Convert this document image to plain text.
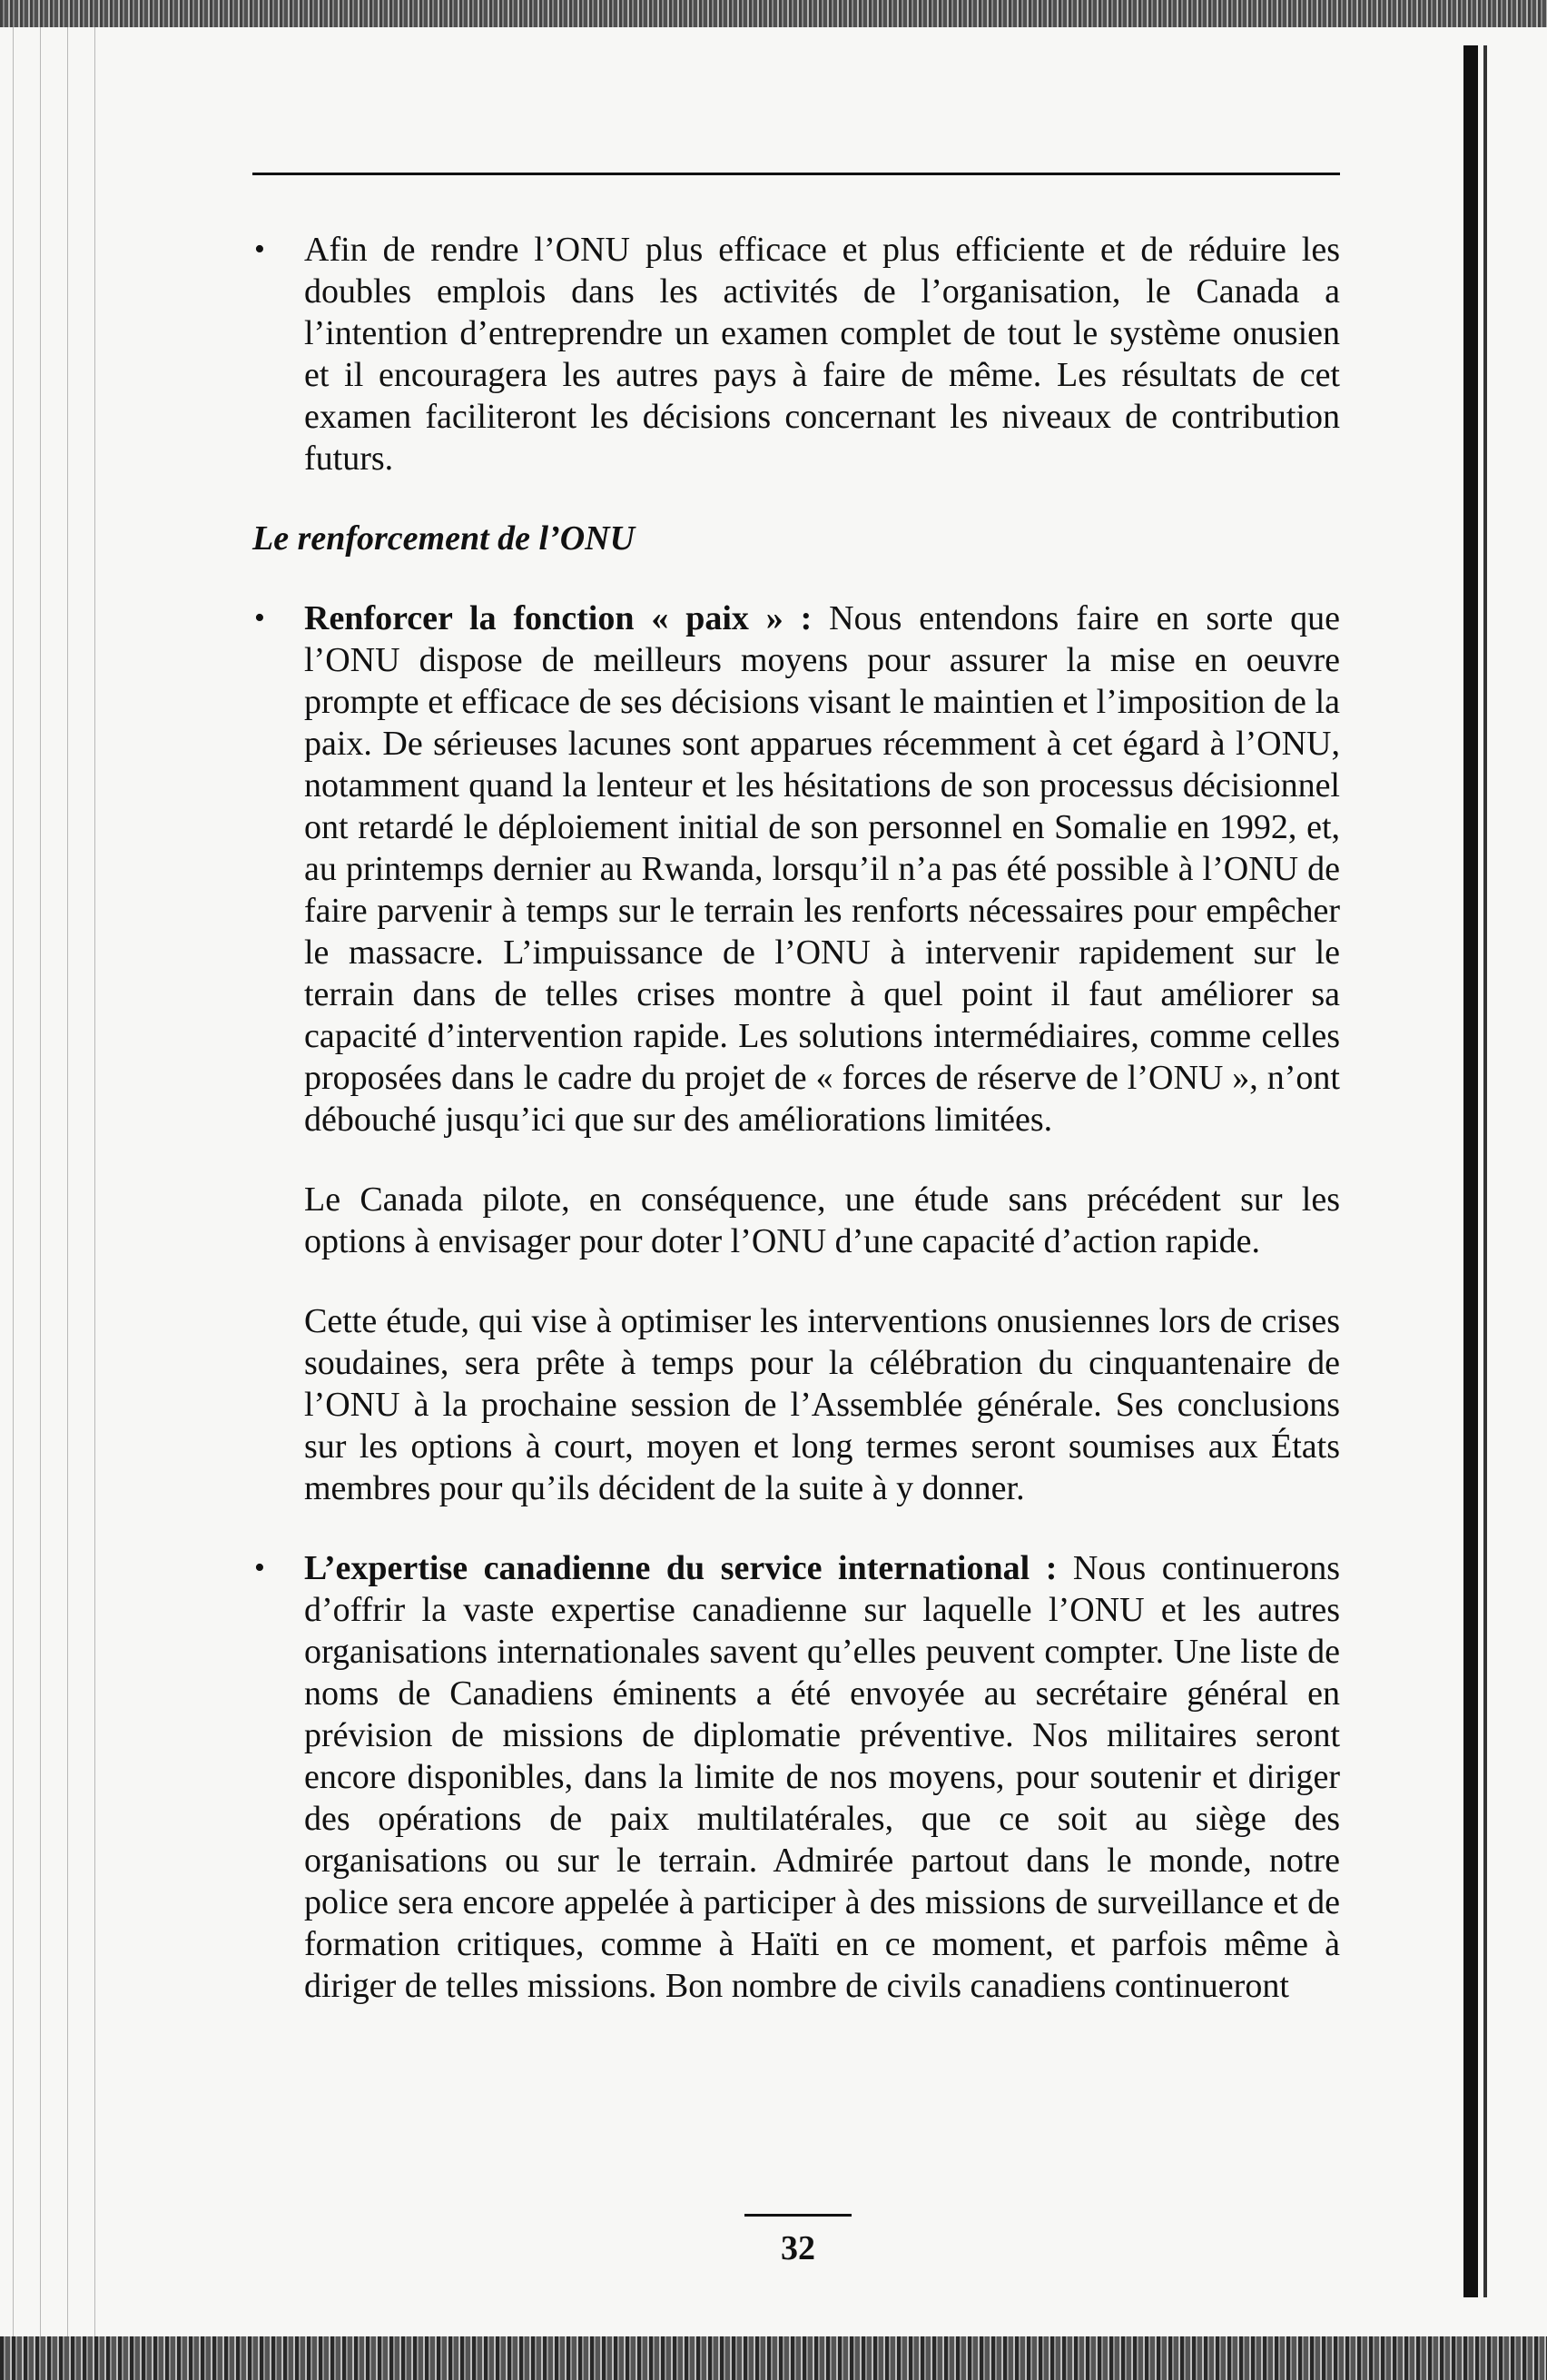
• Afin de rendre l’ONU plus efficace et plus efficiente et de réduire les doubles emplois dans les activités de l’organisation, le Canada a l’intention d’entreprendre un examen complet de tout le système onusien et il encouragera les autres pays à faire de même. Les résultats de cet examen faciliteront les décisions concernant les niveaux de contribution futurs.

Le renforcement de l’ONU

• Renforcer la fonction « paix » : Nous entendons faire en sorte que l’ONU dispose de meilleurs moyens pour assurer la mise en oeuvre prompte et efficace de ses décisions visant le maintien et l’imposition de la paix. De sérieuses lacunes sont apparues récemment à cet égard à l’ONU, notamment quand la lenteur et les hésitations de son processus décisionnel ont retardé le déploiement initial de son personnel en Somalie en 1992, et, au printemps dernier au Rwanda, lorsqu’il n’a pas été possible à l’ONU de faire parvenir à temps sur le terrain les renforts nécessaires pour empêcher le massacre. L’impuissance de l’ONU à intervenir rapidement sur le terrain dans de telles crises montre à quel point il faut améliorer sa capacité d’intervention rapide. Les solutions intermédiaires, comme celles proposées dans le cadre du projet de « forces de réserve de l’ONU », n’ont débouché jusqu’ici que sur des améliorations limitées.

Le Canada pilote, en conséquence, une étude sans précédent sur les options à envisager pour doter l’ONU d’une capacité d’action rapide.

Cette étude, qui vise à optimiser les interventions onusiennes lors de crises soudaines, sera prête à temps pour la célébration du cinquantenaire de l’ONU à la prochaine session de l’Assemblée générale. Ses conclusions sur les options à court, moyen et long termes seront soumises aux États membres pour qu’ils décident de la suite à y donner.

• L’expertise canadienne du service international : Nous continuerons d’offrir la vaste expertise canadienne sur laquelle l’ONU et les autres organisations internationales savent qu’elles peuvent compter. Une liste de noms de Canadiens éminents a été envoyée au secrétaire général en prévision de missions de diplomatie préventive. Nos militaires seront encore disponibles, dans la limite de nos moyens, pour soutenir et diriger des opérations de paix multilatérales, que ce soit au siège des organisations ou sur le terrain. Admirée partout dans le monde, notre police sera encore appelée à participer à des missions de surveillance et de formation critiques, comme à Haïti en ce moment, et parfois même à diriger de telles missions. Bon nombre de civils canadiens continueront

32
